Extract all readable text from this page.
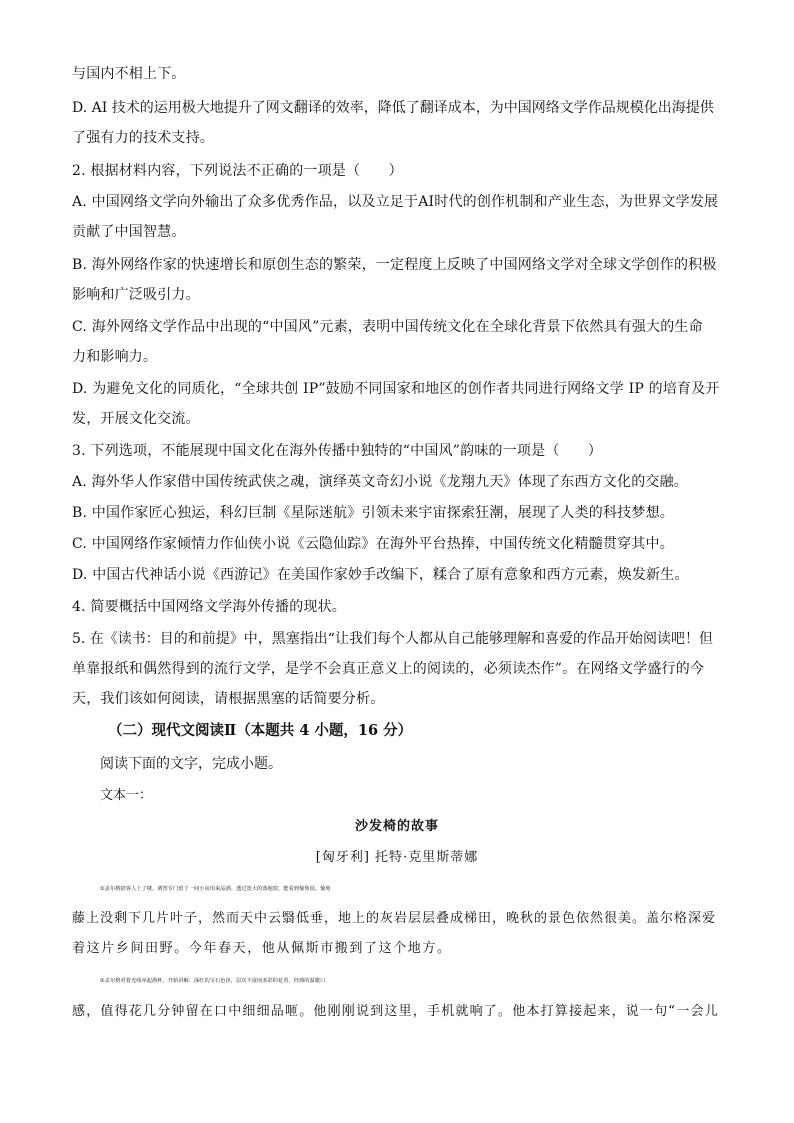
与国内不相上下。
D. AI 技术的运用极大地提升了网文翻译的效率，降低了翻译成本，为中国网络文学作品规模化出海提供
了强有力的技术支持。
2. 根据材料内容，下列说法不正确的一项是（　　）
A. 中国网络文学向外输出了众多优秀作品，以及立足于AI时代的创作机制和产业生态，为世界文学发展
贡献了中国智慧。
B. 海外网络作家的快速增长和原创生态的繁荣，一定程度上反映了中国网络文学对全球文学创作的积极
影响和广泛吸引力。
C. 海外网络文学作品中出现的“中国风”元素，表明中国传统文化在全球化背景下依然具有强大的生命
力和影响力。
D. 为避免文化的同质化，“全球共创 IP”鼓励不同国家和地区的创作者共同进行网络文学 IP 的培育及开
发，开展文化交流。
3. 下列选项，不能展现中国文化在海外传播中独特的“中国风”韵味的一项是（　　）
A. 海外华人作家借中国传统武侠之魂，演绎英文奇幻小说《龙翔九天》体现了东西方文化的交融。
B. 中国作家匠心独运，科幻巨制《星际迷航》引领未来宇宙探索狂潮，展现了人类的科技梦想。
C. 中国网络作家倾情力作仙侠小说《云隐仙踪》在海外平台热捧，中国传统文化精髓贯穿其中。
D. 中国古代神话小说《西游记》在美国作家妙手改编下，糅合了原有意象和西方元素，焕发新生。
4. 简要概括中国网络文学海外传播的现状。
5. 在《读书：目的和前提》中，黑塞指出“让我们每个人都从自己能够理解和喜爱的作品开始阅读吧！但
单靠报纸和偶然得到的流行文学，是学不会真正意义上的阅读的，必须读杰作”。在网络文学盛行的今
天，我们该如何阅读，请根据黑塞的话简要分析。
（二）现代文阅读Ⅱ（本题共 4 小题，16 分）
阅读下面的文字，完成小题。
文本一：
沙发椅的故事
[匈牙利] 托特·克里斯蒂娜
①盖尔格陪客人上了楼。酒窖专门留了一间小房用来品酒。透过宽大的落地窗，能看到葡萄园。葡萄
藤上没剩下几片叶子，然而天中云翳低垂，地上的灰岩层层叠成梯田，晚秋的景色依然很美。盖尔格深爱
着这片乡间田野。今年春天，他从佩斯市搬到了这个地方。
②盖尔格对着光线举起酒杯，开始讲解：深红的宝石色泽，层次丰富而多彩的花香，经典的温暖口
感，值得花几分钟留在口中细细品咂。他刚刚说到这里，手机就响了。他本打算接起来，说一句“一会儿
